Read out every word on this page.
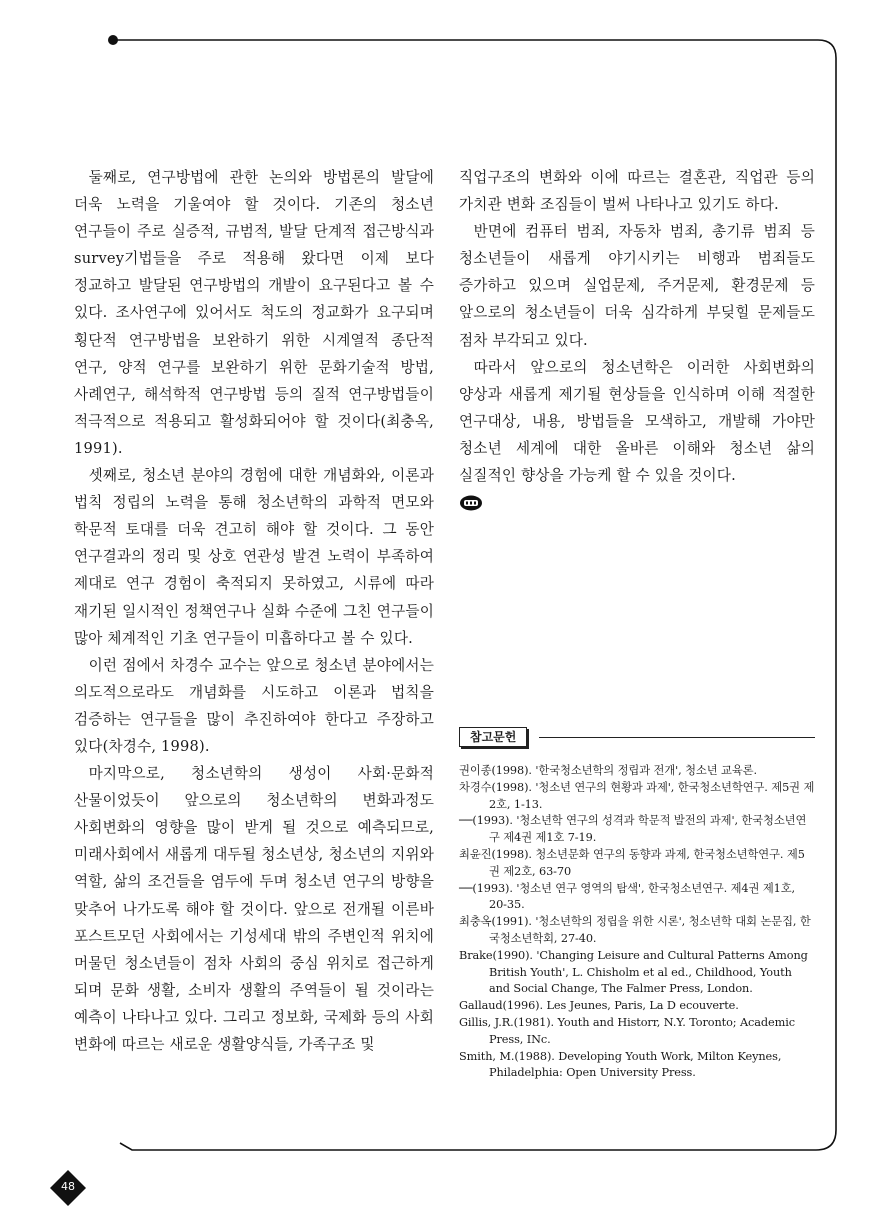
둘째로, 연구방법에 관한 논의와 방법론의 발달에 더욱 노력을 기울여야 할 것이다. 기존의 청소년 연구들이 주로 실증적, 규범적, 발달 단계적 접근방식과 survey기법들을 주로 적용해 왔다면 이제 보다 정교하고 발달된 연구방법의 개발이 요구된다고 볼 수 있다. 조사연구에 있어서도 척도의 정교화가 요구되며 횡단적 연구방법을 보완하기 위한 시계열적 종단적 연구, 양적 연구를 보완하기 위한 문화기술적 방법, 사례연구, 해석학적 연구방법 등의 질적 연구방법들이 적극적으로 적용되고 활성화되어야 할 것이다(최충옥, 1991).

셋째로, 청소년 분야의 경험에 대한 개념화와, 이론과 법칙 정립의 노력을 통해 청소년학의 과학적 면모와 학문적 토대를 더욱 견고히 해야 할 것이다. 그 동안 연구결과의 정리 및 상호 연관성 발견 노력이 부족하여 제대로 연구 경험이 축적되지 못하였고, 시류에 따라 재기된 일시적인 정책연구나 실화 수준에 그친 연구들이 많아 체계적인 기초 연구들이 미흡하다고 볼 수 있다.

이런 점에서 차경수 교수는 앞으로 청소년 분야에서는 의도적으로라도 개념화를 시도하고 이론과 법칙을 검증하는 연구들을 많이 추진하여야 한다고 주장하고 있다(차경수, 1998).

마지막으로, 청소년학의 생성이 사회·문화적 산물이었듯이 앞으로의 청소년학의 변화과정도 사회변화의 영향을 많이 받게 될 것으로 예측되므로, 미래사회에서 새롭게 대두될 청소년상, 청소년의 지위와 역할, 삶의 조건들을 염두에 두며 청소년 연구의 방향을 맞추어 나가도록 해야 할 것이다. 앞으로 전개될 이른바 포스트모던 사회에서는 기성세대 밖의 주변인적 위치에 머물던 청소년들이 점차 사회의 중심 위치로 접근하게 되며 문화 생활, 소비자 생활의 주역들이 될 것이라는 예측이 나타나고 있다. 그리고 정보화, 국제화 등의 사회 변화에 따르는 새로운 생활양식들, 가족구조 및

직업구조의 변화와 이에 따르는 결혼관, 직업관 등의 가치관 변화 조짐들이 벌써 나타나고 있기도 하다.

반면에 컴퓨터 범죄, 자동차 범죄, 총기류 범죄 등 청소년들이 새롭게 야기시키는 비행과 범죄들도 증가하고 있으며 실업문제, 주거문제, 환경문제 등 앞으로의 청소년들이 더욱 심각하게 부딪힐 문제들도 점차 부각되고 있다.

따라서 앞으로의 청소년학은 이러한 사회변화의 양상과 새롭게 제기될 현상들을 인식하며 이해 적절한 연구대상, 내용, 방법들을 모색하고, 개발해 가야만 청소년 세계에 대한 올바른 이해와 청소년 삶의 실질적인 향상을 가능케 할 수 있을 것이다.

참고문헌

권이종(1998). '한국청소년학의 정립과 전개', 청소년 교육론.

차경수(1998). '청소년 연구의 현황과 과제', 한국청소년학연구. 제5권 제2호, 1-13.

──(1993). '청소년학 연구의 성격과 학문적 발전의 과제', 한국청소년연구 제4권 제1호 7-19.

최윤진(1998). 청소년문화 연구의 동향과 과제, 한국청소년학연구. 제5권 제2호, 63-70

──(1993). '청소년 연구 영역의 탐색', 한국청소년연구. 제4권 제1호, 20-35.

최충옥(1991). '청소년학의 정립을 위한 시론', 청소년학 대회 논문집, 한국청소년학회, 27-40.

Brake(1990). 'Changing Leisure and Cultural Patterns Among British Youth', L. Chisholm et al ed., Childhood, Youth and Social Change, The Falmer Press, London.

Gallaud(1996). Les Jeunes, Paris, La D ecouverte.

Gillis, J.R.(1981). Youth and Historr, N.Y. Toronto; Academic Press, INc.

Smith, M.(1988). Developing Youth Work, Milton Keynes, Philadelphia: Open University Press.

48
